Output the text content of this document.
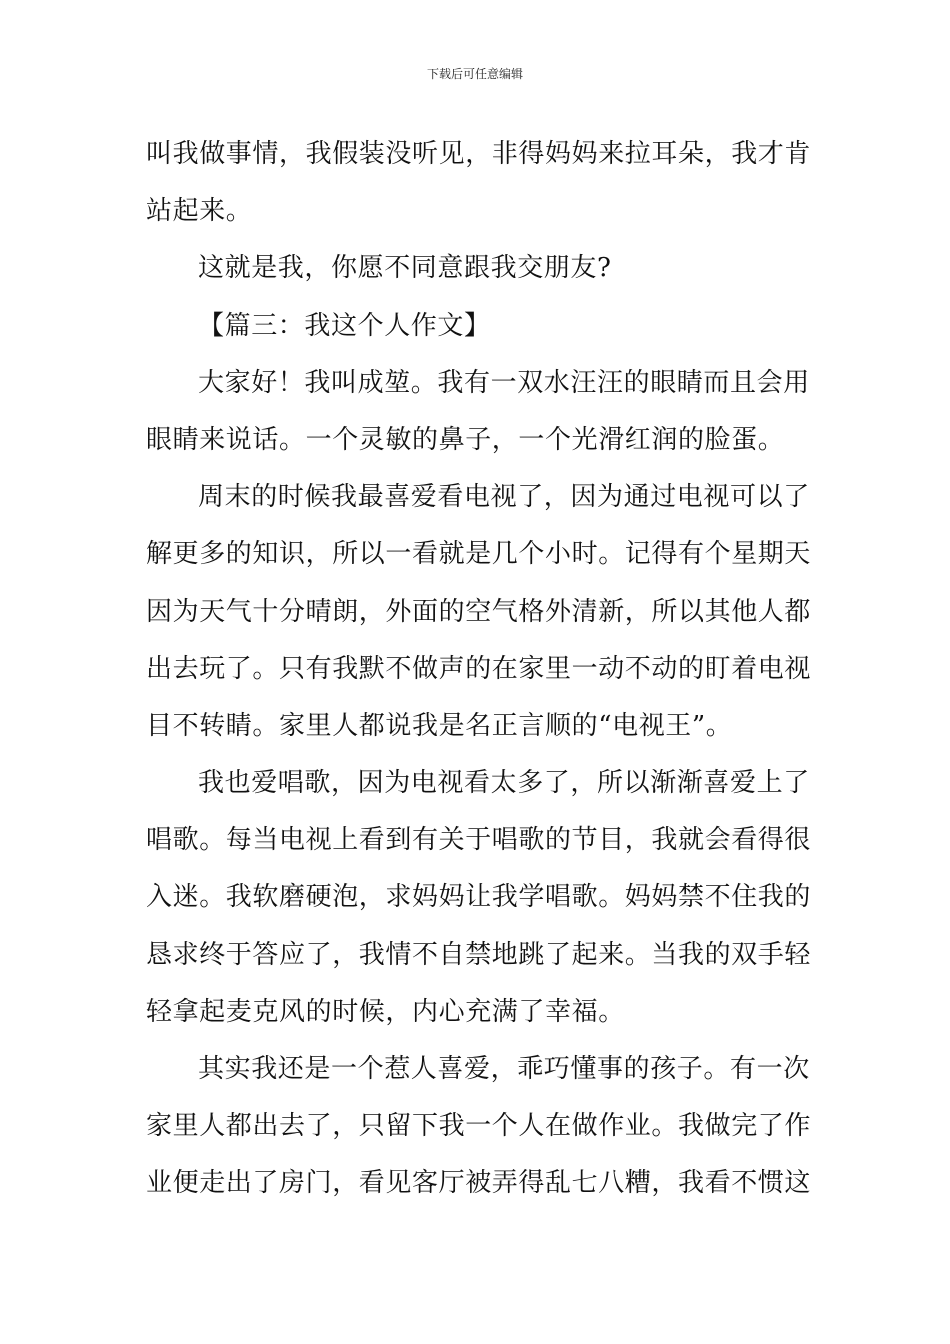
下载后可任意编辑
叫我做事情，我假装没听见，非得妈妈来拉耳朵，我才肯
站起来。
这就是我，你愿不同意跟我交朋友?
【篇三：我这个人作文】
大家好！我叫成堃。我有一双水汪汪的眼睛而且会用
眼睛来说话。一个灵敏的鼻子，一个光滑红润的脸蛋。
周末的时候我最喜爱看电视了，因为通过电视可以了
解更多的知识，所以一看就是几个小时。记得有个星期天
因为天气十分晴朗，外面的空气格外清新，所以其他人都
出去玩了。只有我默不做声的在家里一动不动的盯着电视
目不转睛。家里人都说我是名正言顺的“电视王”。
我也爱唱歌，因为电视看太多了，所以渐渐喜爱上了
唱歌。每当电视上看到有关于唱歌的节目，我就会看得很
入迷。我软磨硬泡，求妈妈让我学唱歌。妈妈禁不住我的
恳求终于答应了，我情不自禁地跳了起来。当我的双手轻
轻拿起麦克风的时候，内心充满了幸福。
其实我还是一个惹人喜爱，乖巧懂事的孩子。有一次
家里人都出去了，只留下我一个人在做作业。我做完了作
业便走出了房门，看见客厅被弄得乱七八糟，我看不惯这
